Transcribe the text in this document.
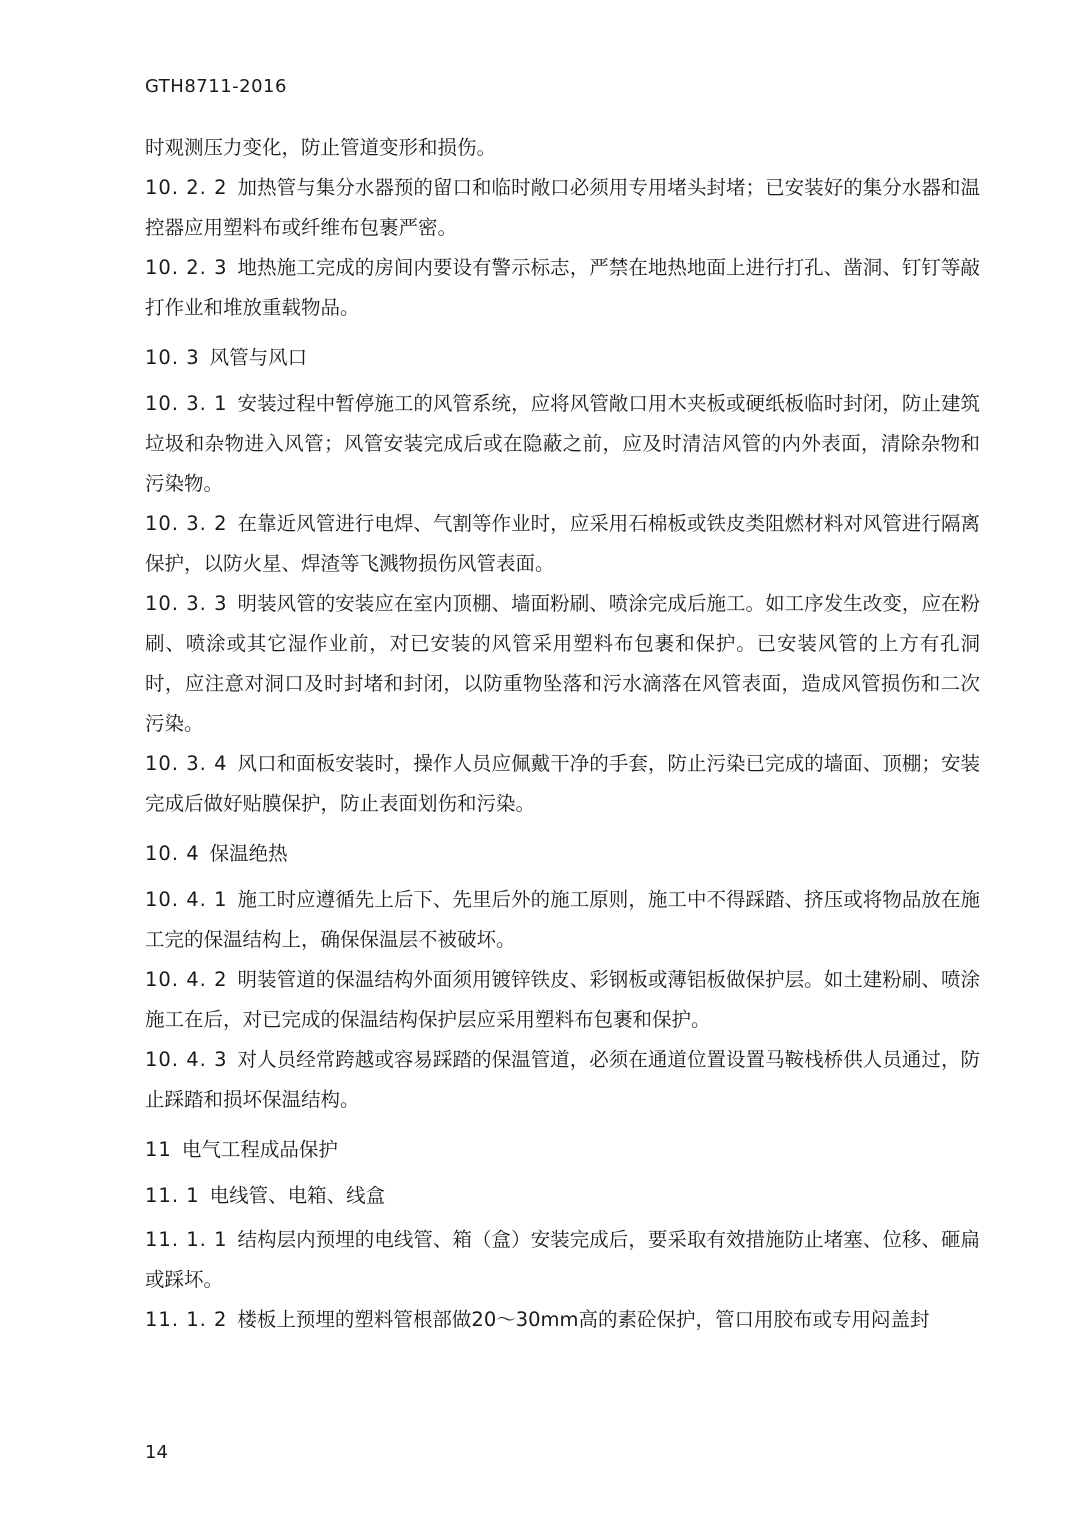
GTH8711-2016
时观测压力变化，防止管道变形和损伤。
10. 2. 2 加热管与集分水器预的留口和临时敞口必须用专用堵头封堵；已安装好的集分水器和温控器应用塑料布或纤维布包裹严密。
10. 2. 3 地热施工完成的房间内要设有警示标志，严禁在地热地面上进行打孔、凿洞、钉钉等敲打作业和堆放重载物品。
10. 3 风管与风口
10. 3. 1 安装过程中暂停施工的风管系统，应将风管敞口用木夹板或硬纸板临时封闭，防止建筑垃圾和杂物进入风管；风管安装完成后或在隐蔽之前，应及时清洁风管的内外表面，清除杂物和污染物。
10. 3. 2 在靠近风管进行电焊、气割等作业时，应采用石棉板或铁皮类阻燃材料对风管进行隔离保护，以防火星、焊渣等飞溅物损伤风管表面。
10. 3. 3 明装风管的安装应在室内顶棚、墙面粉刷、喷涂完成后施工。如工序发生改变，应在粉刷、喷涂或其它湿作业前，对已安装的风管采用塑料布包裹和保护。已安装风管的上方有孔洞时，应注意对洞口及时封堵和封闭，以防重物坠落和污水滴落在风管表面，造成风管损伤和二次污染。
10. 3. 4 风口和面板安装时，操作人员应佩戴干净的手套，防止污染已完成的墙面、顶棚；安装完成后做好贴膜保护，防止表面划伤和污染。
10. 4 保温绝热
10. 4. 1 施工时应遵循先上后下、先里后外的施工原则，施工中不得踩踏、挤压或将物品放在施工完的保温结构上，确保保温层不被破坏。
10. 4. 2 明装管道的保温结构外面须用镀锌铁皮、彩钢板或薄铝板做保护层。如土建粉刷、喷涂施工在后，对已完成的保温结构保护层应采用塑料布包裹和保护。
10. 4. 3 对人员经常跨越或容易踩踏的保温管道，必须在通道位置设置马鞍栈桥供人员通过，防止踩踏和损坏保温结构。
11 电气工程成品保护
11. 1 电线管、电箱、线盒
11. 1. 1 结构层内预埋的电线管、箱（盒）安装完成后，要采取有效措施防止堵塞、位移、砸扁或踩坏。
11. 1. 2 楼板上预埋的塑料管根部做20～30mm高的素砼保护，管口用胶布或专用闷盖封
14
